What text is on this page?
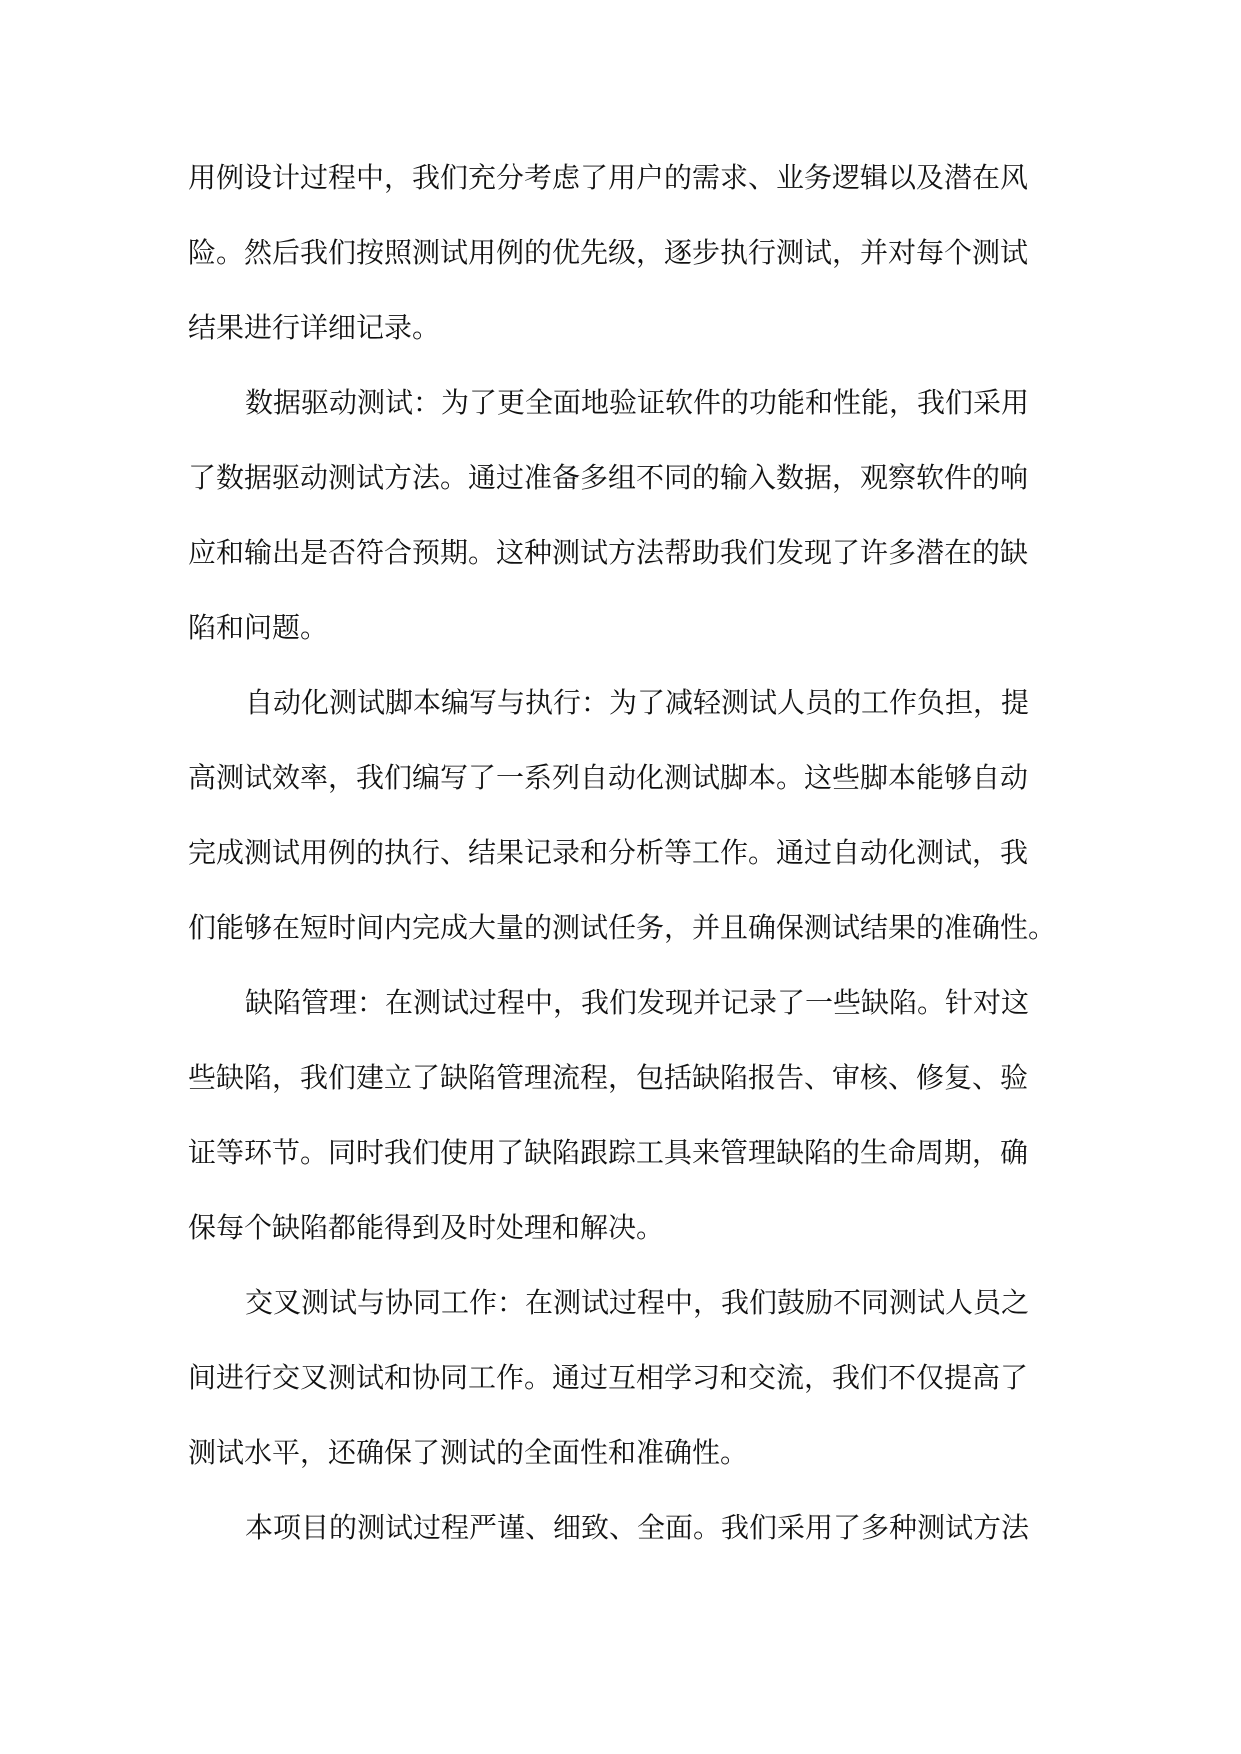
用例设计过程中，我们充分考虑了用户的需求、业务逻辑以及潜在风
险。然后我们按照测试用例的优先级，逐步执行测试，并对每个测试
结果进行详细记录。

数据驱动测试：为了更全面地验证软件的功能和性能，我们采用
了数据驱动测试方法。通过准备多组不同的输入数据，观察软件的响
应和输出是否符合预期。这种测试方法帮助我们发现了许多潜在的缺
陷和问题。

自动化测试脚本编写与执行：为了减轻测试人员的工作负担，提
高测试效率，我们编写了一系列自动化测试脚本。这些脚本能够自动
完成测试用例的执行、结果记录和分析等工作。通过自动化测试，我
们能够在短时间内完成大量的测试任务，并且确保测试结果的准确性。

缺陷管理：在测试过程中，我们发现并记录了一些缺陷。针对这
些缺陷，我们建立了缺陷管理流程，包括缺陷报告、审核、修复、验
证等环节。同时我们使用了缺陷跟踪工具来管理缺陷的生命周期，确
保每个缺陷都能得到及时处理和解决。

交叉测试与协同工作：在测试过程中，我们鼓励不同测试人员之
间进行交叉测试和协同工作。通过互相学习和交流，我们不仅提高了
测试水平，还确保了测试的全面性和准确性。

本项目的测试过程严谨、细致、全面。我们采用了多种测试方法
